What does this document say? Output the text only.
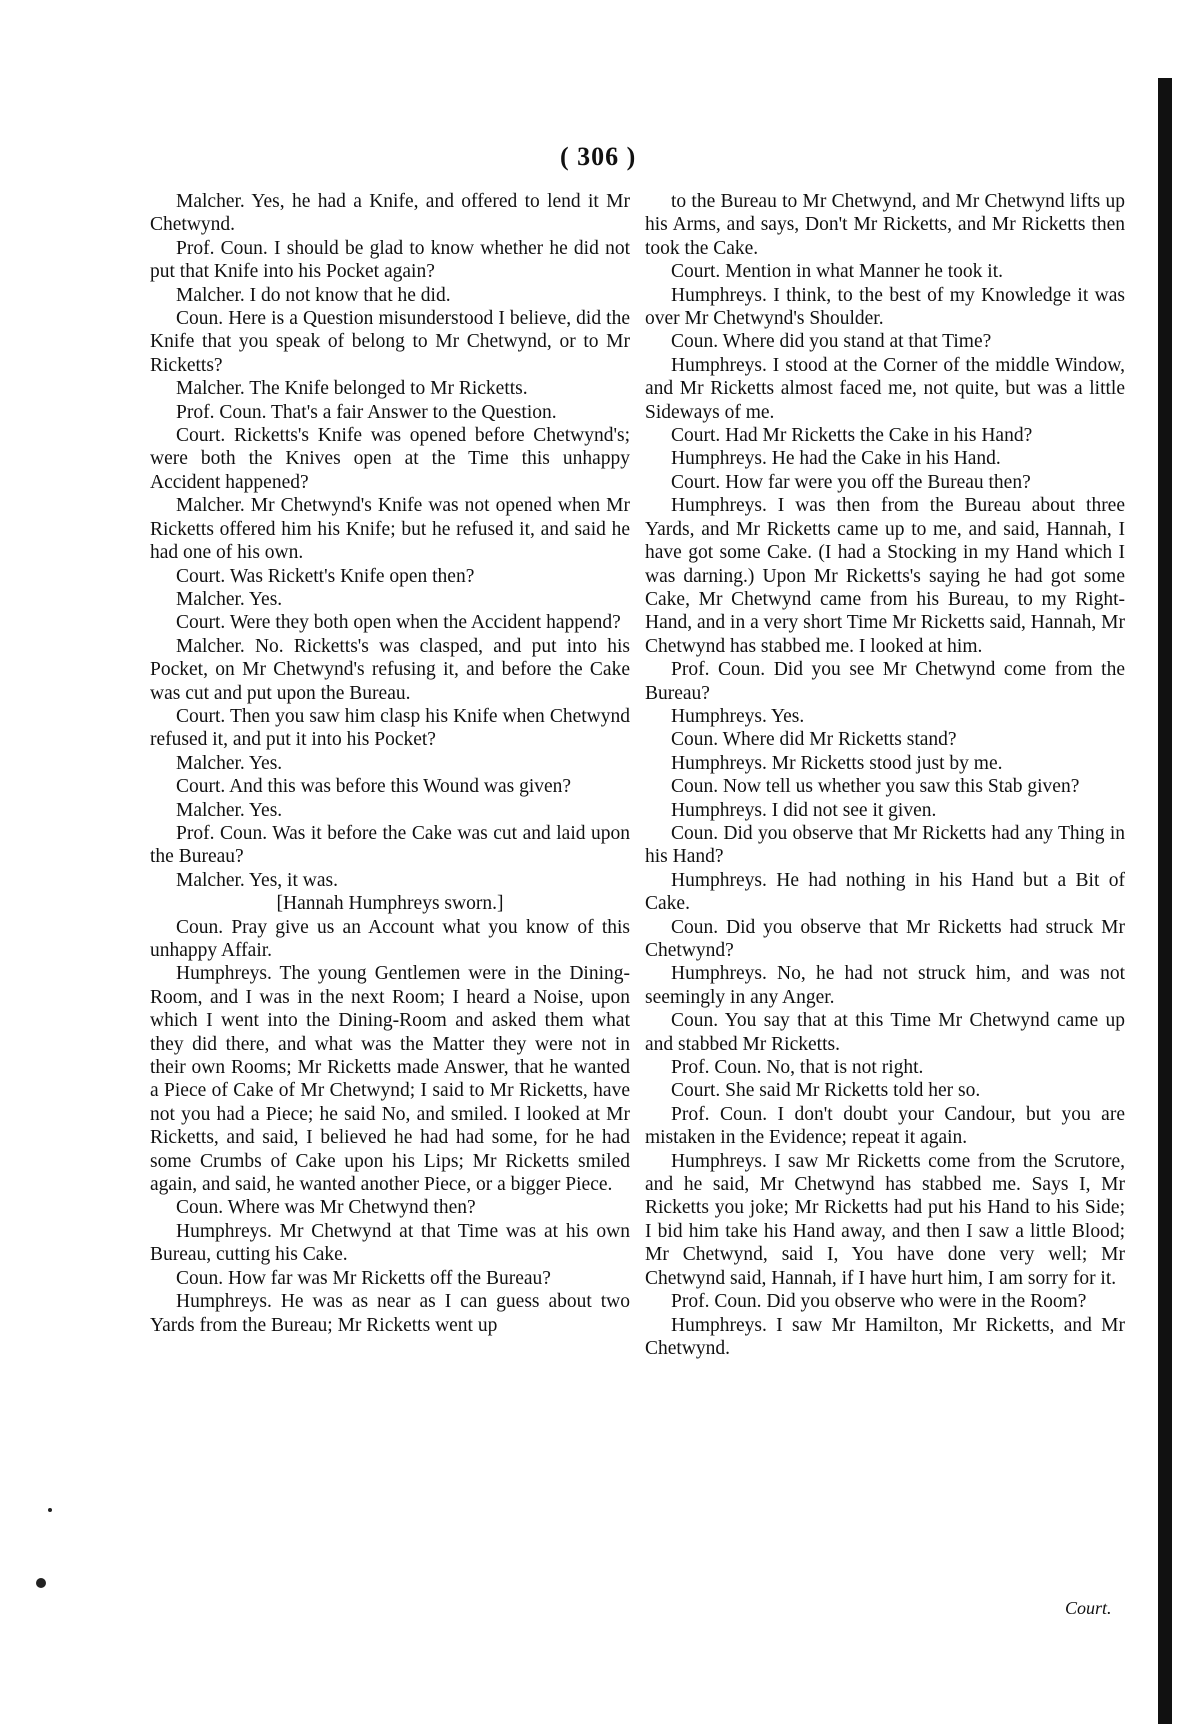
( 306 )

Malcher. Yes, he had a Knife, and offered to lend it Mr Chetwynd.

Prof. Coun. I should be glad to know whether he did not put that Knife into his Pocket again?

Malcher. I do not know that he did.

Coun. Here is a Question misunderstood I believe, did the Knife that you speak of belong to Mr Chetwynd, or to Mr Ricketts?

Malcher. The Knife belonged to Mr Ricketts.

Prof. Coun. That's a fair Answer to the Question.

Court. Ricketts's Knife was opened before Chetwynd's; were both the Knives open at the Time this unhappy Accident happened?

Malcher. Mr Chetwynd's Knife was not opened when Mr Ricketts offered him his Knife; but he refused it, and said he had one of his own.

Court. Was Rickett's Knife open then?

Malcher. Yes.

Court. Were they both open when the Accident happend?

Malcher. No. Ricketts's was clasped, and put into his Pocket, on Mr Chetwynd's refusing it, and before the Cake was cut and put upon the Bureau.

Court. Then you saw him clasp his Knife when Chetwynd refused it, and put it into his Pocket?

Malcher. Yes.

Court. And this was before this Wound was given?

Malcher. Yes.

Prof. Coun. Was it before the Cake was cut and laid upon the Bureau?

Malcher. Yes, it was.

[Hannah Humphreys sworn.]

Coun. Pray give us an Account what you know of this unhappy Affair.

Humphreys. The young Gentlemen were in the Dining-Room, and I was in the next Room; I heard a Noise, upon which I went into the Dining-Room and asked them what they did there, and what was the Matter they were not in their own Rooms; Mr Ricketts made Answer, that he wanted a Piece of Cake of Mr Chetwynd; I said to Mr Ricketts, have not you had a Piece; he said No, and smiled. I looked at Mr Ricketts, and said, I believed he had had some, for he had some Crumbs of Cake upon his Lips; Mr Ricketts smiled again, and said, he wanted another Piece, or a bigger Piece.

Coun. Where was Mr Chetwynd then?

Humphreys. Mr Chetwynd at that Time was at his own Bureau, cutting his Cake.

Coun. How far was Mr Ricketts off the Bureau?

Humphreys. He was as near as I can guess about two Yards from the Bureau; Mr Ricketts went up

to the Bureau to Mr Chetwynd, and Mr Chetwynd lifts up his Arms, and says, Don't Mr Ricketts, and Mr Ricketts then took the Cake.

Court. Mention in what Manner he took it.

Humphreys. I think, to the best of my Knowledge it was over Mr Chetwynd's Shoulder.

Coun. Where did you stand at that Time?

Humphreys. I stood at the Corner of the middle Window, and Mr Ricketts almost faced me, not quite, but was a little Sideways of me.

Court. Had Mr Ricketts the Cake in his Hand?

Humphreys. He had the Cake in his Hand.

Court. How far were you off the Bureau then?

Humphreys. I was then from the Bureau about three Yards, and Mr Ricketts came up to me, and said, Hannah, I have got some Cake. (I had a Stocking in my Hand which I was darning.) Upon Mr Ricketts's saying he had got some Cake, Mr Chetwynd came from his Bureau, to my Right-Hand, and in a very short Time Mr Ricketts said, Hannah, Mr Chetwynd has stabbed me. I looked at him.

Prof. Coun. Did you see Mr Chetwynd come from the Bureau?

Humphreys. Yes.

Coun. Where did Mr Ricketts stand?

Humphreys. Mr Ricketts stood just by me.

Coun. Now tell us whether you saw this Stab given?

Humphreys. I did not see it given.

Coun. Did you observe that Mr Ricketts had any Thing in his Hand?

Humphreys. He had nothing in his Hand but a Bit of Cake.

Coun. Did you observe that Mr Ricketts had struck Mr Chetwynd?

Humphreys. No, he had not struck him, and was not seemingly in any Anger.

Coun. You say that at this Time Mr Chetwynd came up and stabbed Mr Ricketts.

Prof. Coun. No, that is not right.

Court. She said Mr Ricketts told her so.

Prof. Coun. I don't doubt your Candour, but you are mistaken in the Evidence; repeat it again.

Humphreys. I saw Mr Ricketts come from the Scrutore, and he said, Mr Chetwynd has stabbed me. Says I, Mr Ricketts you joke; Mr Ricketts had put his Hand to his Side; I bid him take his Hand away, and then I saw a little Blood; Mr Chetwynd, said I, You have done very well; Mr Chetwynd said, Hannah, if I have hurt him, I am sorry for it.

Prof. Coun. Did you observe who were in the Room?

Humphreys. I saw Mr Hamilton, Mr Ricketts, and Mr Chetwynd.

Court.
